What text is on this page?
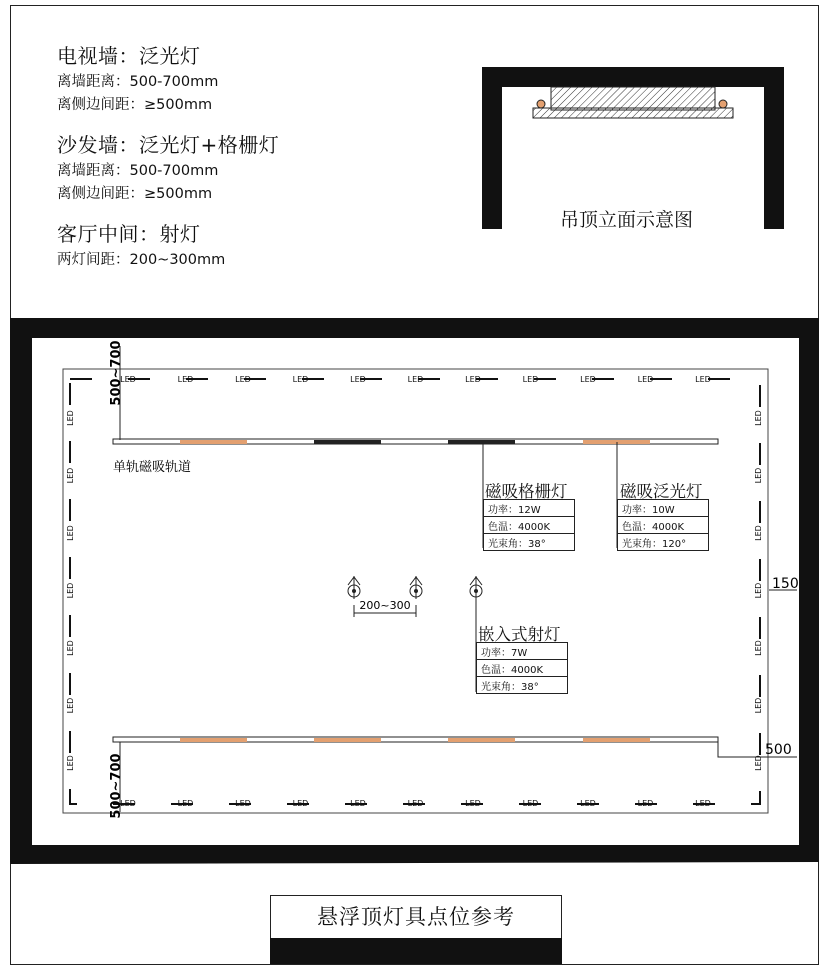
电视墙：泛光灯

离墙距离：500-700mm

离侧边间距：≥500mm

沙发墙：泛光灯+格栅灯

离墙距离：500-700mm

离侧边间距：≥500mm

客厅中间：射灯

两灯间距：200~300mm

LED
LED
LED
LED
LED
LED
LED
LED
LED
LED
LED
LED
LED
LED
LED
LED
LED
LED
LED
LED
LED
LED
LED	LED
LED	LED
LED	LED
LED	LED
LED	LED
LED	LED
LED	LED
500~700
500~700
150
500
单轨磁吸轨道
200~300
吊顶立面示意图
磁吸格栅灯
功率：12W
色温：4000K
光束角：38°
磁吸泛光灯
功率：10W
色温：4000K
光束角：120°
嵌入式射灯
功率：7W
色温：4000K
光束角：38°
悬浮顶灯具点位参考
